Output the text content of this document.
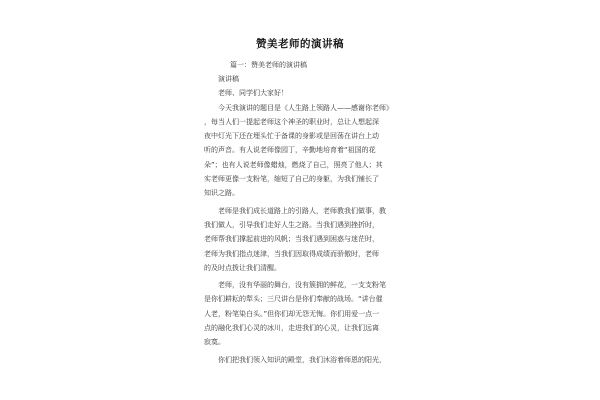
赞美老师的演讲稿
篇一：赞美老师的演讲稿
演讲稿
老师、同学们大家好！
今天我演讲的题目是《人生路上领路人——感谢你老师》
，每当人们一提起老师这个神圣的职业时，总让人想起深
夜中灯光下还在埋头忙于备课的身影或是回荡在讲台上动
听的声音。有人说老师像园丁，辛勤地培育着“祖国的花
朵”；也有人说老师像蜡烛，燃烧了自己，照亮了他人；其
实老师更像一支粉笔，缩短了自己的身躯，为我们铺长了
知识之路。
老师是我们成长道路上的引路人，老师教我们做事，教
我们做人，引导我们走好人生之路。当我们遇到挫折时，
老师帮我们撑起前进的风帆；当我们遇到困惑与迷茫时，
老师为我们指点迷津，当我们因取得成绩而骄傲时，老师
的及时点拨让我们清醒。
老师，没有华丽的舞台，没有簇拥的鲜花，一支支粉笔
是你们耕耘的犁头；三尺讲台是你们奉献的战场。“讲台催
人老，粉笔染白头。”但你们却无怨无悔。你们用爱一点一
点的融化我们心灵的冰川，走进我们的心灵，让我们远离
寂寞。
你们把我们领入知识的殿堂，我们沐浴着师恩的阳光，
